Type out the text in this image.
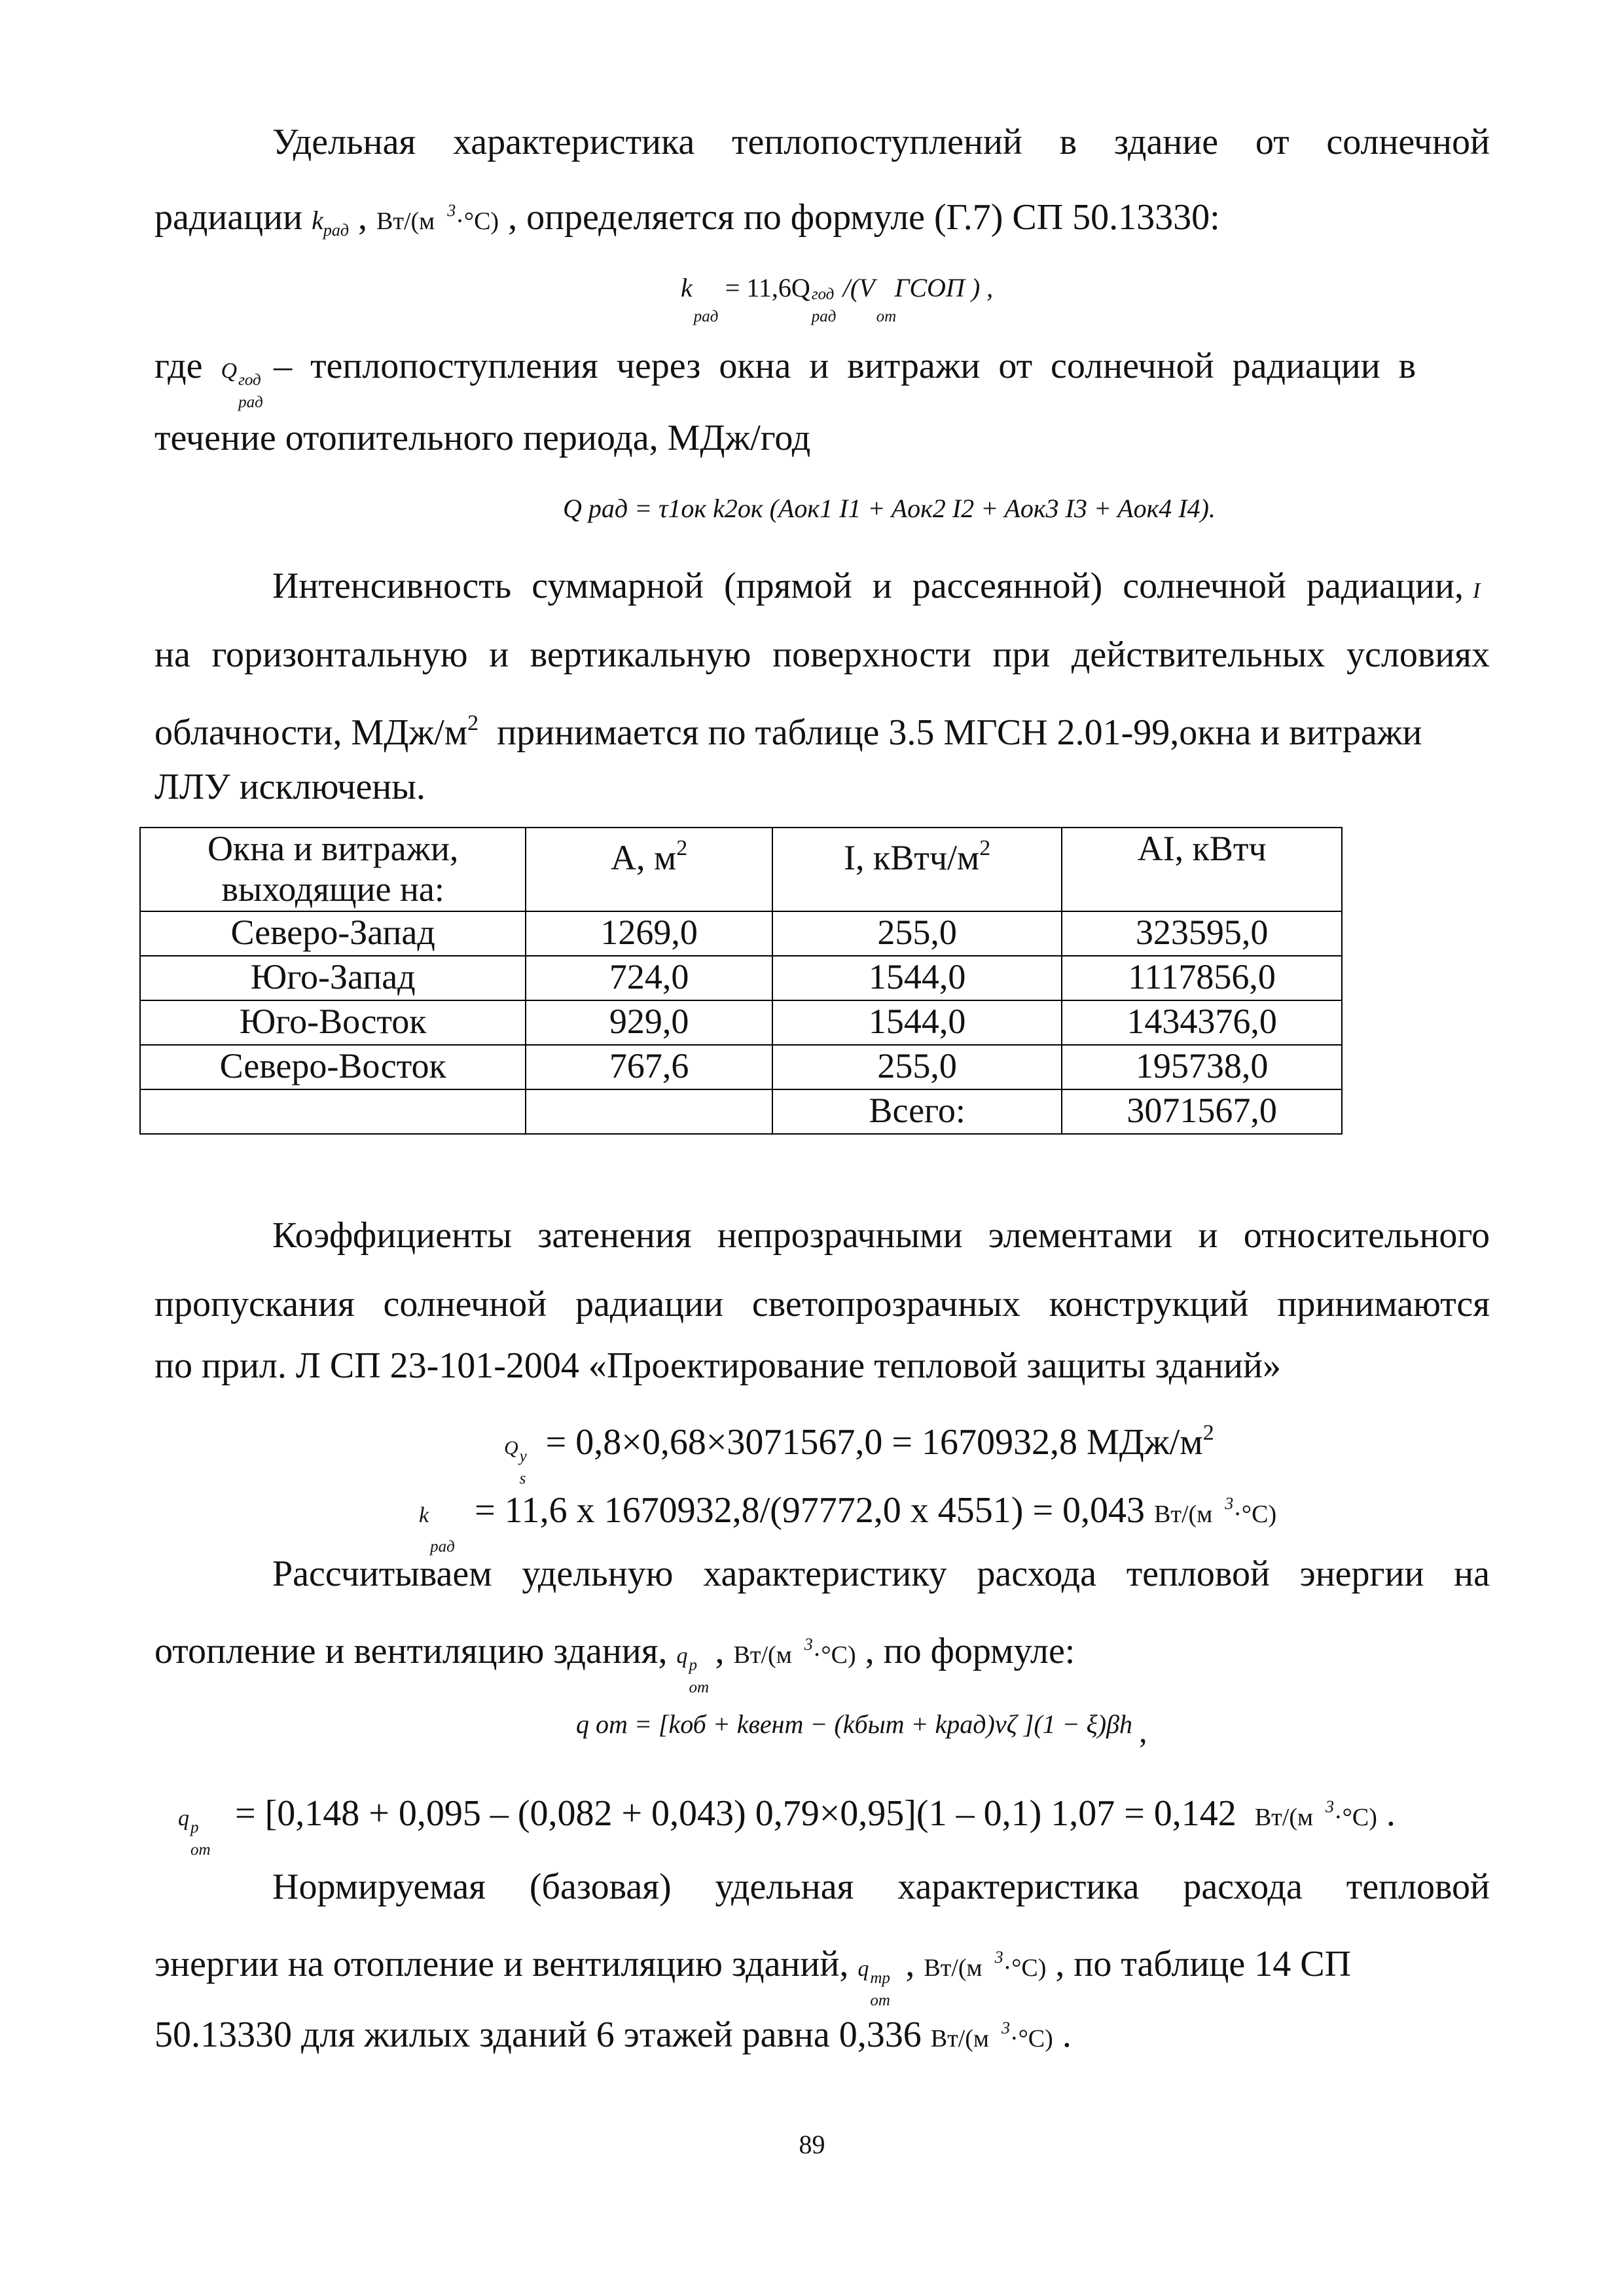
Удельная характеристика теплопоступлений в здание от солнечной
радиации $k_{рад}$ , Вт/(м $^3$·°С) , определяется по формуле (Г.7) СП 50.13330:
k
рад
= 11,6Q год
рад
/(V
от
ГСОП ) ,
где Q год
рад
– теплопоступления через окна и витражи от солнечной радиации в
течение отопительного периода, МДж/год
Q рад = τ1ок k2ок (Aок1 I1 + Aок2 I2 + Aок3 I3 + Aок4 I4).
Интенсивность суммарной (прямой и рассеянной) солнечной радиации, I
на горизонтальную и вертикальную поверхности при действительных условиях
облачности, МДж/$м^2$ принимается по таблице 3.5 МГСН 2.01-99,окна и витражи
ЛЛУ исключены.
Окна и витражи, выходящие на:	А, $м^2$	I, кВтч/$м^2$	AI, кВтч
Северо-Запад	1269,0	255,0	323595,0
Юго-Запад	724,0	1544,0	1117856,0
Юго-Восток	929,0	1544,0	1434376,0
Северо-Восток	767,6	255,0	195738,0
		Всего:	3071567,0
Коэффициенты затенения непрозрачными элементами и относительного
пропускания солнечной радиации светопрозрачных конструкций принимаются
по прил. Л СП 23-101-2004 «Проектирование тепловой защиты зданий»
Q y
s
= 0,8×0,68×3071567,0 = 1670932,8 МДж/$м^2$
k
рад
= 11,6 х 1670932,8/(97772,0 х 4551) = 0,043 Вт/(м $^3$·°С)
Рассчитываем удельную характеристику расхода тепловой энергии на
отопление и вентиляцию здания, q р
от
, Вт/(м $^3$·°С) , по формуле:
q от = [kоб + kвент − (kбыт + kрад)νζ ](1 − ξ)βh ,
q р
от
= [0,148 + 0,095 – (0,082 + 0,043) 0,79×0,95](1 – 0,1) 1,07 = 0,142 Вт/(м $^3$·°С) .
Нормируемая (базовая) удельная характеристика расхода тепловой
энергии на отопление и вентиляцию зданий, q тр
от
, Вт/(м $^3$·°С) , по таблице 14 СП
50.13330 для жилых зданий 6 этажей равна 0,336 Вт/(м $^3$·°С) .
89
